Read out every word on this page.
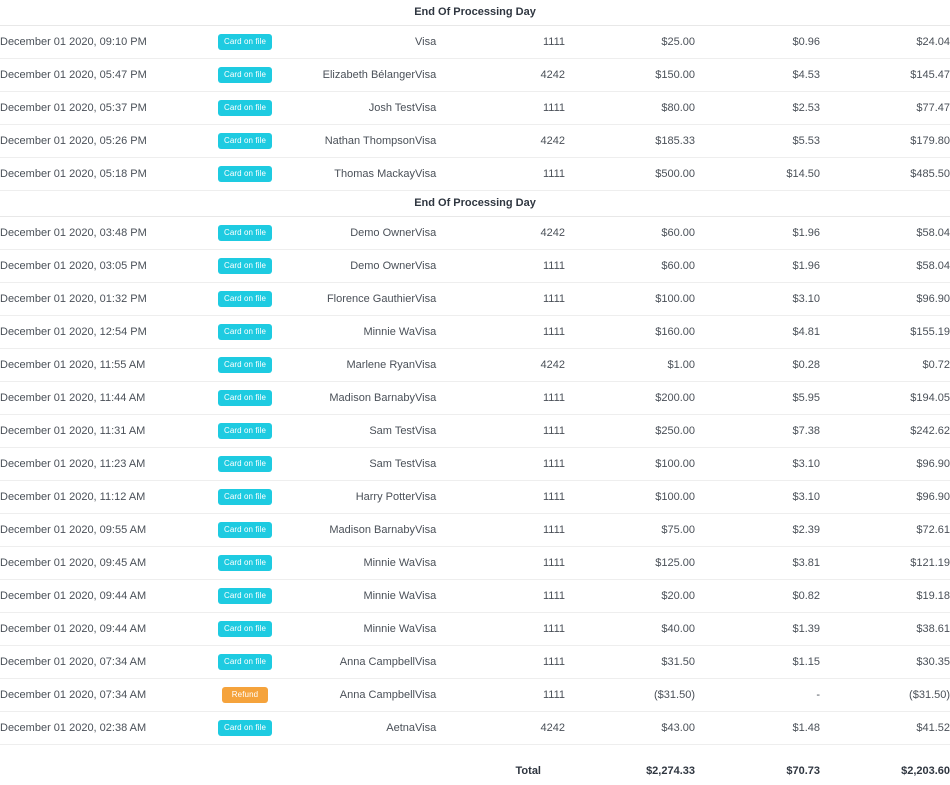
End Of Processing Day							
December 01 2020, 09:10 PM	Card on file		Visa	1111	$25.00	$0.96	$24.04
December 01 2020, 05:47 PM	Card on file	Elizabeth Bélanger	Visa	4242	$150.00	$4.53	$145.47
December 01 2020, 05:37 PM	Card on file	Josh Test	Visa	1111	$80.00	$2.53	$77.47
December 01 2020, 05:26 PM	Card on file	Nathan Thompson	Visa	4242	$185.33	$5.53	$179.80
December 01 2020, 05:18 PM	Card on file	Thomas Mackay	Visa	1111	$500.00	$14.50	$485.50
End Of Processing Day							
December 01 2020, 03:48 PM	Card on file	Demo Owner	Visa	4242	$60.00	$1.96	$58.04
December 01 2020, 03:05 PM	Card on file	Demo Owner	Visa	1111	$60.00	$1.96	$58.04
December 01 2020, 01:32 PM	Card on file	Florence Gauthier	Visa	1111	$100.00	$3.10	$96.90
December 01 2020, 12:54 PM	Card on file	Minnie Wa	Visa	1111	$160.00	$4.81	$155.19
December 01 2020, 11:55 AM	Card on file	Marlene Ryan	Visa	4242	$1.00	$0.28	$0.72
December 01 2020, 11:44 AM	Card on file	Madison Barnaby	Visa	1111	$200.00	$5.95	$194.05
December 01 2020, 11:31 AM	Card on file	Sam Test	Visa	1111	$250.00	$7.38	$242.62
December 01 2020, 11:23 AM	Card on file	Sam Test	Visa	1111	$100.00	$3.10	$96.90
December 01 2020, 11:12 AM	Card on file	Harry Potter	Visa	1111	$100.00	$3.10	$96.90
December 01 2020, 09:55 AM	Card on file	Madison Barnaby	Visa	1111	$75.00	$2.39	$72.61
December 01 2020, 09:45 AM	Card on file	Minnie Wa	Visa	1111	$125.00	$3.81	$121.19
December 01 2020, 09:44 AM	Card on file	Minnie Wa	Visa	1111	$20.00	$0.82	$19.18
December 01 2020, 09:44 AM	Card on file	Minnie Wa	Visa	1111	$40.00	$1.39	$38.61
December 01 2020, 07:34 AM	Card on file	Anna Campbell	Visa	1111	$31.50	$1.15	$30.35
December 01 2020, 07:34 AM	Refund	Anna Campbell	Visa	1111	($31.50)	-	($31.50)
December 01 2020, 02:38 AM	Card on file	Aetna	Visa	4242	$43.00	$1.48	$41.52

				Total	$2,274.33	$70.73	$2,203.60
